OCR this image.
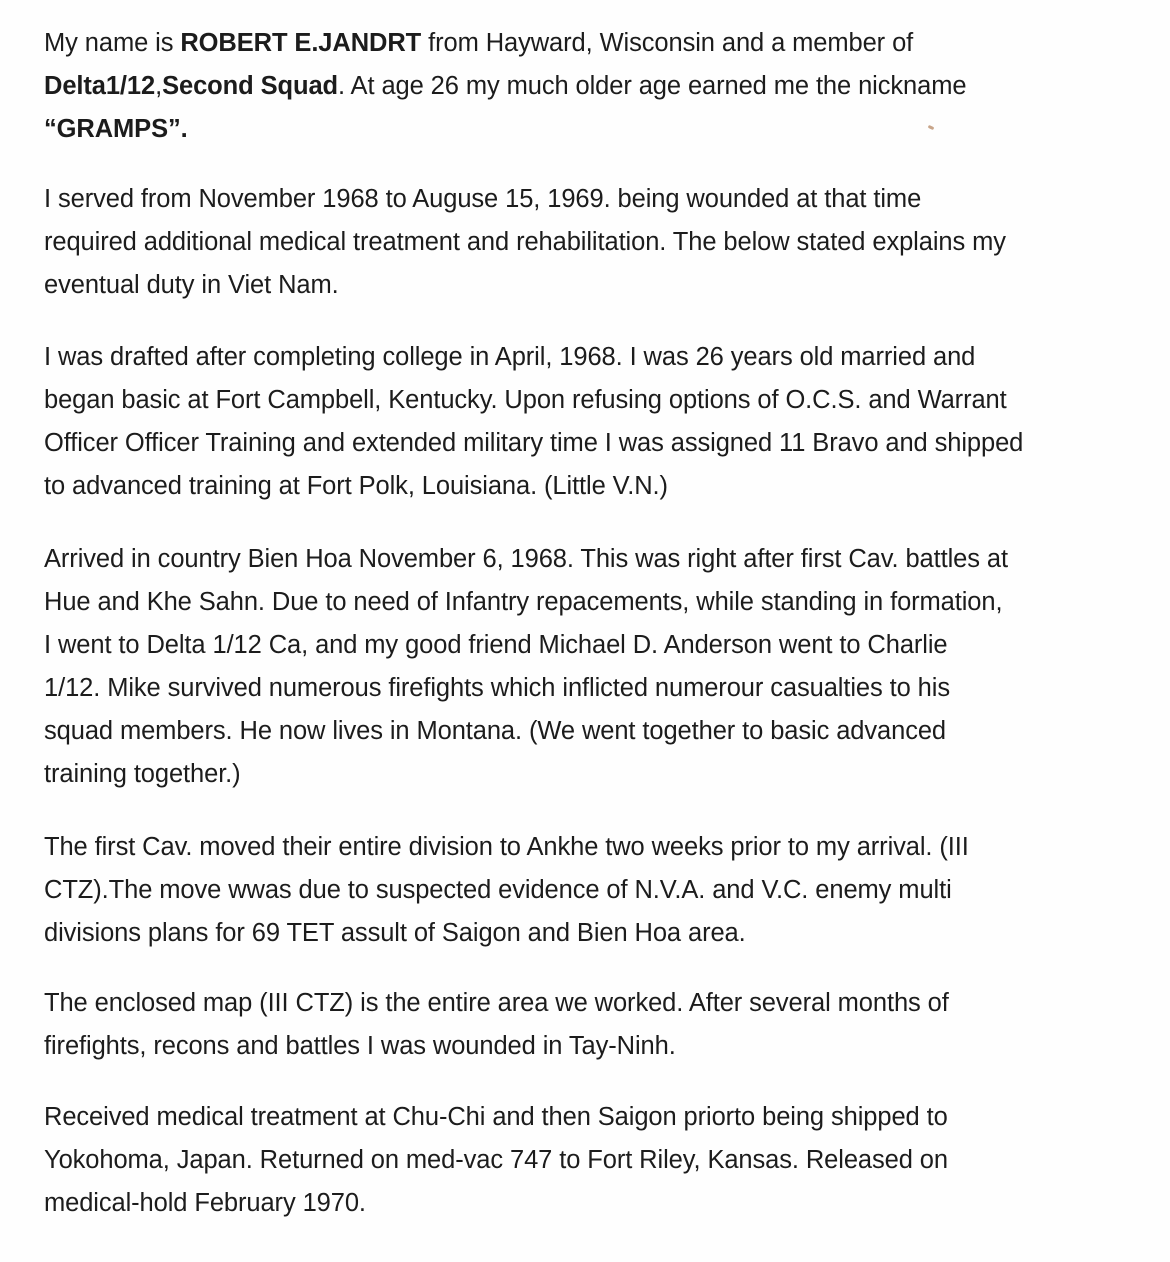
My name is ROBERT E.JANDRT from Hayward, Wisconsin and a member of
Delta1/12,Second Squad. At age 26 my much older age earned me the nickname
“GRAMPS”.

I served from November 1968 to Auguse 15, 1969. being wounded at that time
required additional medical treatment and rehabilitation. The below stated explains my
eventual duty in Viet Nam.

I was drafted after completing college in April, 1968. I was 26 years old married and
began basic at Fort Campbell, Kentucky. Upon refusing options of O.C.S. and Warrant
Officer Officer Training and extended military time I was assigned 11 Bravo and shipped
to advanced training at Fort Polk, Louisiana. (Little V.N.)

Arrived in country Bien Hoa November 6, 1968. This was right after first Cav. battles at
Hue and Khe Sahn. Due to need of Infantry repacements, while standing in formation,
I went to Delta 1/12 Ca, and my good friend Michael D. Anderson went to Charlie
1/12. Mike survived numerous firefights which inflicted numerour casualties to his
squad members. He now lives in Montana. (We went together to basic advanced
training together.)

The first Cav. moved their entire division to Ankhe two weeks prior to my arrival. (III
CTZ).The move wwas due to suspected evidence of N.V.A. and V.C. enemy multi
divisions plans for 69 TET assult of Saigon and Bien Hoa area.

The enclosed map (III CTZ) is the entire area we worked. After several months of
firefights, recons and battles I was wounded in Tay-Ninh.

Received medical treatment at Chu-Chi and then Saigon priorto being shipped to
Yokohoma, Japan. Returned on med-vac 747 to Fort Riley, Kansas. Released on
medical-hold February 1970.
